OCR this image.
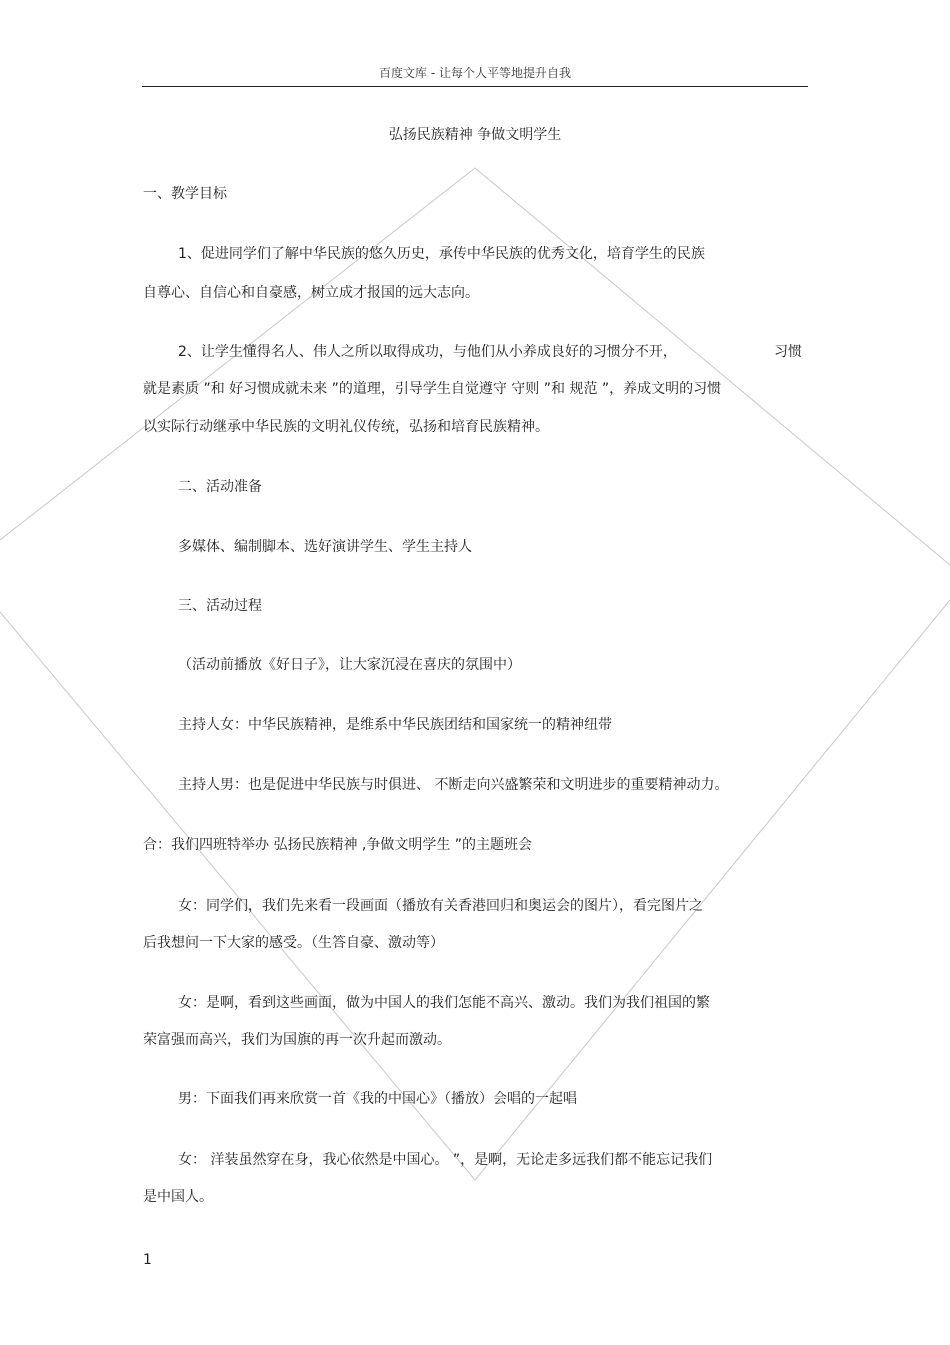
百度文库 - 让每个人平等地提升自我
弘扬民族精神 争做文明学生
一、教学目标
1、促进同学们了解中华民族的悠久历史，承传中华民族的优秀文化，培育学生的民族
自尊心、自信心和自豪感，树立成才报国的远大志向。
2、让学生懂得名人、伟人之所以取得成功，与他们从小养成良好的习惯分不开，	习惯
就是素质 ”和 好习惯成就未来 ”的道理，引导学生自觉遵守 守则 ”和 规范 ”，养成文明的习惯
以实际行动继承中华民族的文明礼仪传统，弘扬和培育民族精神。
二、活动准备
多媒体、编制脚本、选好演讲学生、学生主持人
三、活动过程
（活动前播放《好日子》，让大家沉浸在喜庆的氛围中）
主持人女：中华民族精神，是维系中华民族团结和国家统一的精神纽带
主持人男：也是促进中华民族与时俱进、 不断走向兴盛繁荣和文明进步的重要精神动力。
合：我们四班特举办 弘扬民族精神 ,争做文明学生 ”的主题班会
女：同学们，我们先来看一段画面（播放有关香港回归和奥运会的图片），看完图片之
后我想问一下大家的感受。（生答自豪、激动等）
女：是啊，看到这些画面，做为中国人的我们怎能不高兴、激动。我们为我们祖国的繁
荣富强而高兴，我们为国旗的再一次升起而激动。
男：下面我们再来欣赏一首《我的中国心》（播放）会唱的一起唱
女： 洋装虽然穿在身，我心依然是中国心。 ”，是啊，无论走多远我们都不能忘记我们
是中国人。
1
